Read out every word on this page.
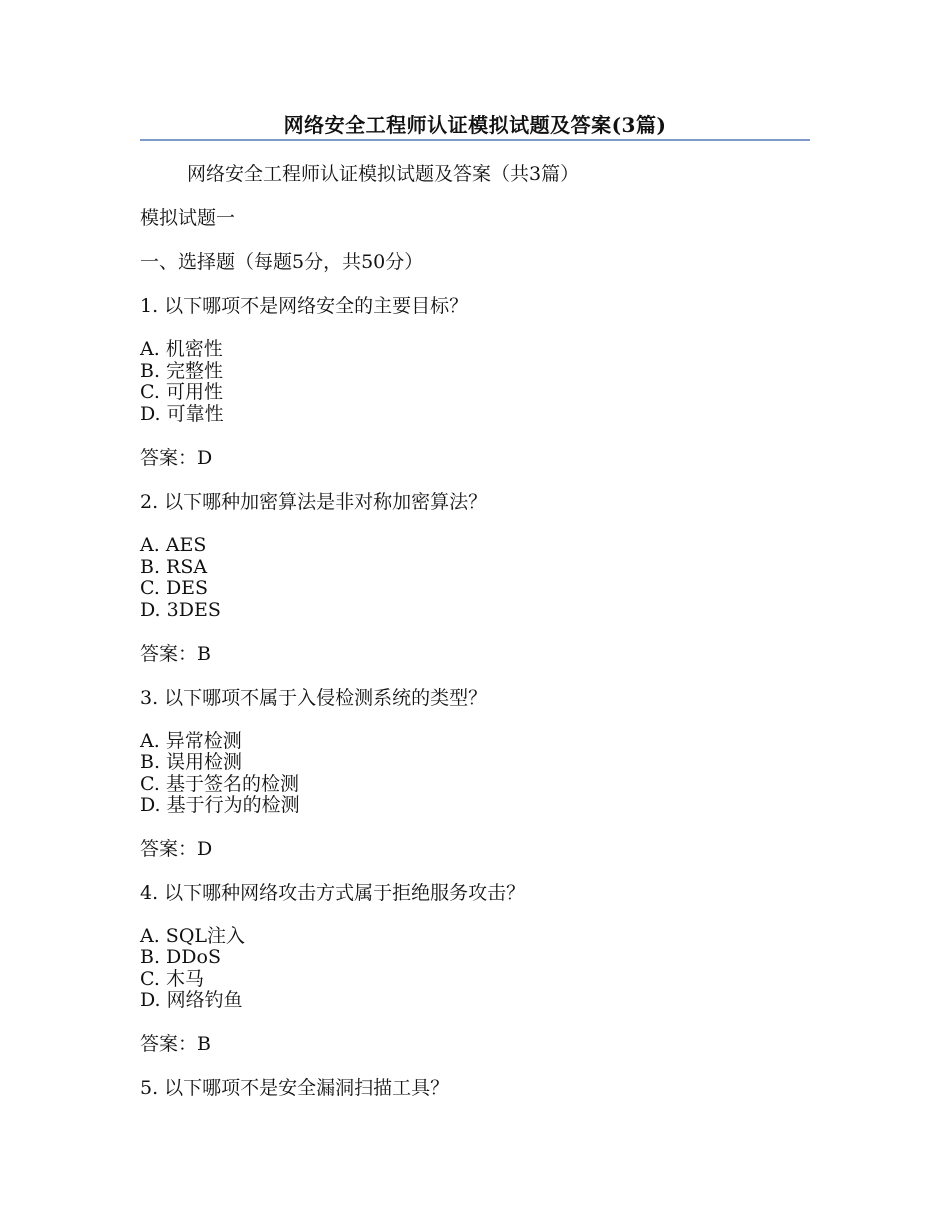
网络安全工程师认证模拟试题及答案(3篇)
网络安全工程师认证模拟试题及答案（共3篇）
模拟试题一
一、选择题（每题5分，共50分）
1. 以下哪项不是网络安全的主要目标？
A. 机密性
B. 完整性
C. 可用性
D. 可靠性
答案：D
2. 以下哪种加密算法是非对称加密算法？
A. AES
B. RSA
C. DES
D. 3DES
答案：B
3. 以下哪项不属于入侵检测系统的类型？
A. 异常检测
B. 误用检测
C. 基于签名的检测
D. 基于行为的检测
答案：D
4. 以下哪种网络攻击方式属于拒绝服务攻击？
A. SQL注入
B. DDoS
C. 木马
D. 网络钓鱼
答案：B
5. 以下哪项不是安全漏洞扫描工具？
